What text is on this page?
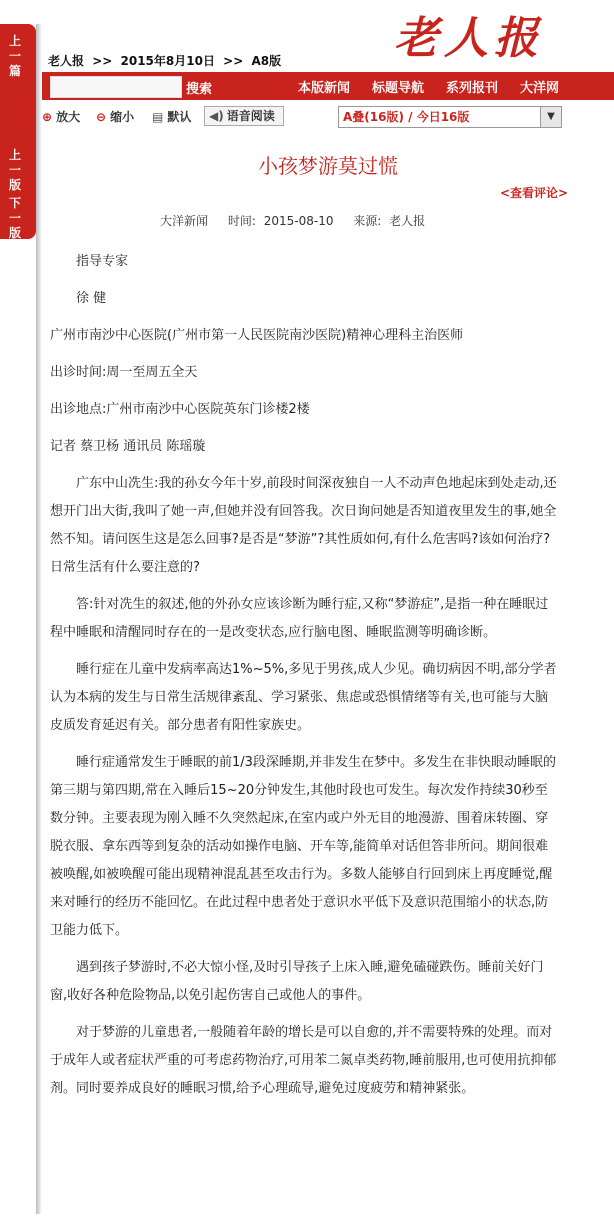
上一篇
上一版
下一版
老人报
老人报 >> 2015年8月10日 >> A8版
搜索	本版新闻 标题导航 系列报刊 大洋网
⊕ 放大 ⊖ 缩小 ▤ 默认	◀) 语音阅读	A叠(16版) / 今日16版	▼
小孩梦游莫过慌
<查看评论>
大洋新闻 时间: 2015-08-10 来源: 老人报

指导专家

徐 健

广州市南沙中心医院(广州市第一人民医院南沙医院)精神心理科主治医师

出诊时间:周一至周五全天

出诊地点:广州市南沙中心医院英东门诊楼2楼

记者 蔡卫杨 通讯员 陈瑶璇

广东中山冼生:我的孙女今年十岁,前段时间深夜独自一人不动声色地起床到处走动,还想开门出大街,我叫了她一声,但她并没有回答我。次日询问她是否知道夜里发生的事,她全然不知。请问医生这是怎么回事?是否是“梦游”?其性质如何,有什么危害吗?该如何治疗?日常生活有什么要注意的?

答:针对冼生的叙述,他的外孙女应该诊断为睡行症,又称“梦游症”,是指一种在睡眠过程中睡眠和清醒同时存在的一是改变状态,应行脑电图、睡眠监测等明确诊断。

睡行症在儿童中发病率高达1%~5%,多见于男孩,成人少见。确切病因不明,部分学者认为本病的发生与日常生活规律紊乱、学习紧张、焦虑或恐惧情绪等有关,也可能与大脑皮质发育延迟有关。部分患者有阳性家族史。

睡行症通常发生于睡眠的前1/3段深睡期,并非发生在梦中。多发生在非快眼动睡眠的第三期与第四期,常在入睡后15~20分钟发生,其他时段也可发生。每次发作持续30秒至数分钟。主要表现为刚入睡不久突然起床,在室内或户外无目的地漫游、围着床转圈、穿脱衣服、拿东西等到复杂的活动如操作电脑、开车等,能简单对话但答非所问。期间很难被唤醒,如被唤醒可能出现精神混乱甚至攻击行为。多数人能够自行回到床上再度睡觉,醒来对睡行的经历不能回忆。在此过程中患者处于意识水平低下及意识范围缩小的状态,防卫能力低下。

遇到孩子梦游时,不必大惊小怪,及时引导孩子上床入睡,避免磕碰跌伤。睡前关好门窗,收好各种危险物品,以免引起伤害自己或他人的事件。

对于梦游的儿童患者,一般随着年龄的增长是可以自愈的,并不需要特殊的处理。而对于成年人或者症状严重的可考虑药物治疗,可用苯二氮卓类药物,睡前服用,也可使用抗抑郁剂。同时要养成良好的睡眠习惯,给予心理疏导,避免过度疲劳和精神紧张。
